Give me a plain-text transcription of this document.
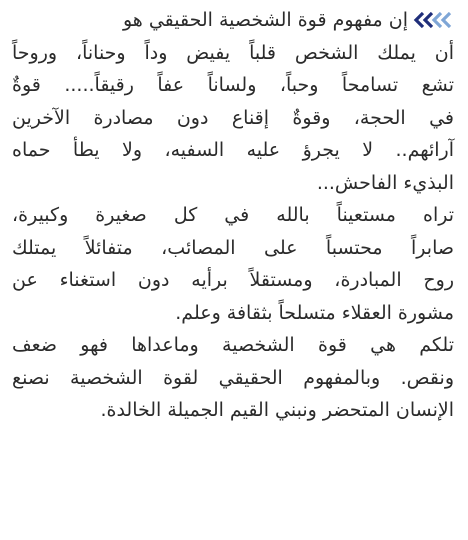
إن مفهوم قوة الشخصية الحقيقي هو
أن يملك الشخص قلباً يفيض وداً وحناناً، وروحاً
تشع تسامحاً وحباً، ولساناً عفاً رقيقاً..... قوةٌ
في الحجة، وقوةٌ إقناع دون مصادرة الآخرين
آرائهم.. لا يجرؤ عليه السفيه، ولا يطأ حماه
البذيء الفاحش...
تراه مستعيناً بالله في كل صغيرة وكبيرة،
صابراً محتسباً على المصائب، متفائلاً يمتلك
روح المبادرة، ومستقلاً برأيه دون استغناء عن
مشورة العقلاء متسلحاً بثقافة وعلم.
تلكم هي قوة الشخصية وماعداها فهو ضعف
ونقص. وبالمفهوم الحقيقي لقوة الشخصية نصنع
الإنسان المتحضر ونبني القيم الجميلة الخالدة.
